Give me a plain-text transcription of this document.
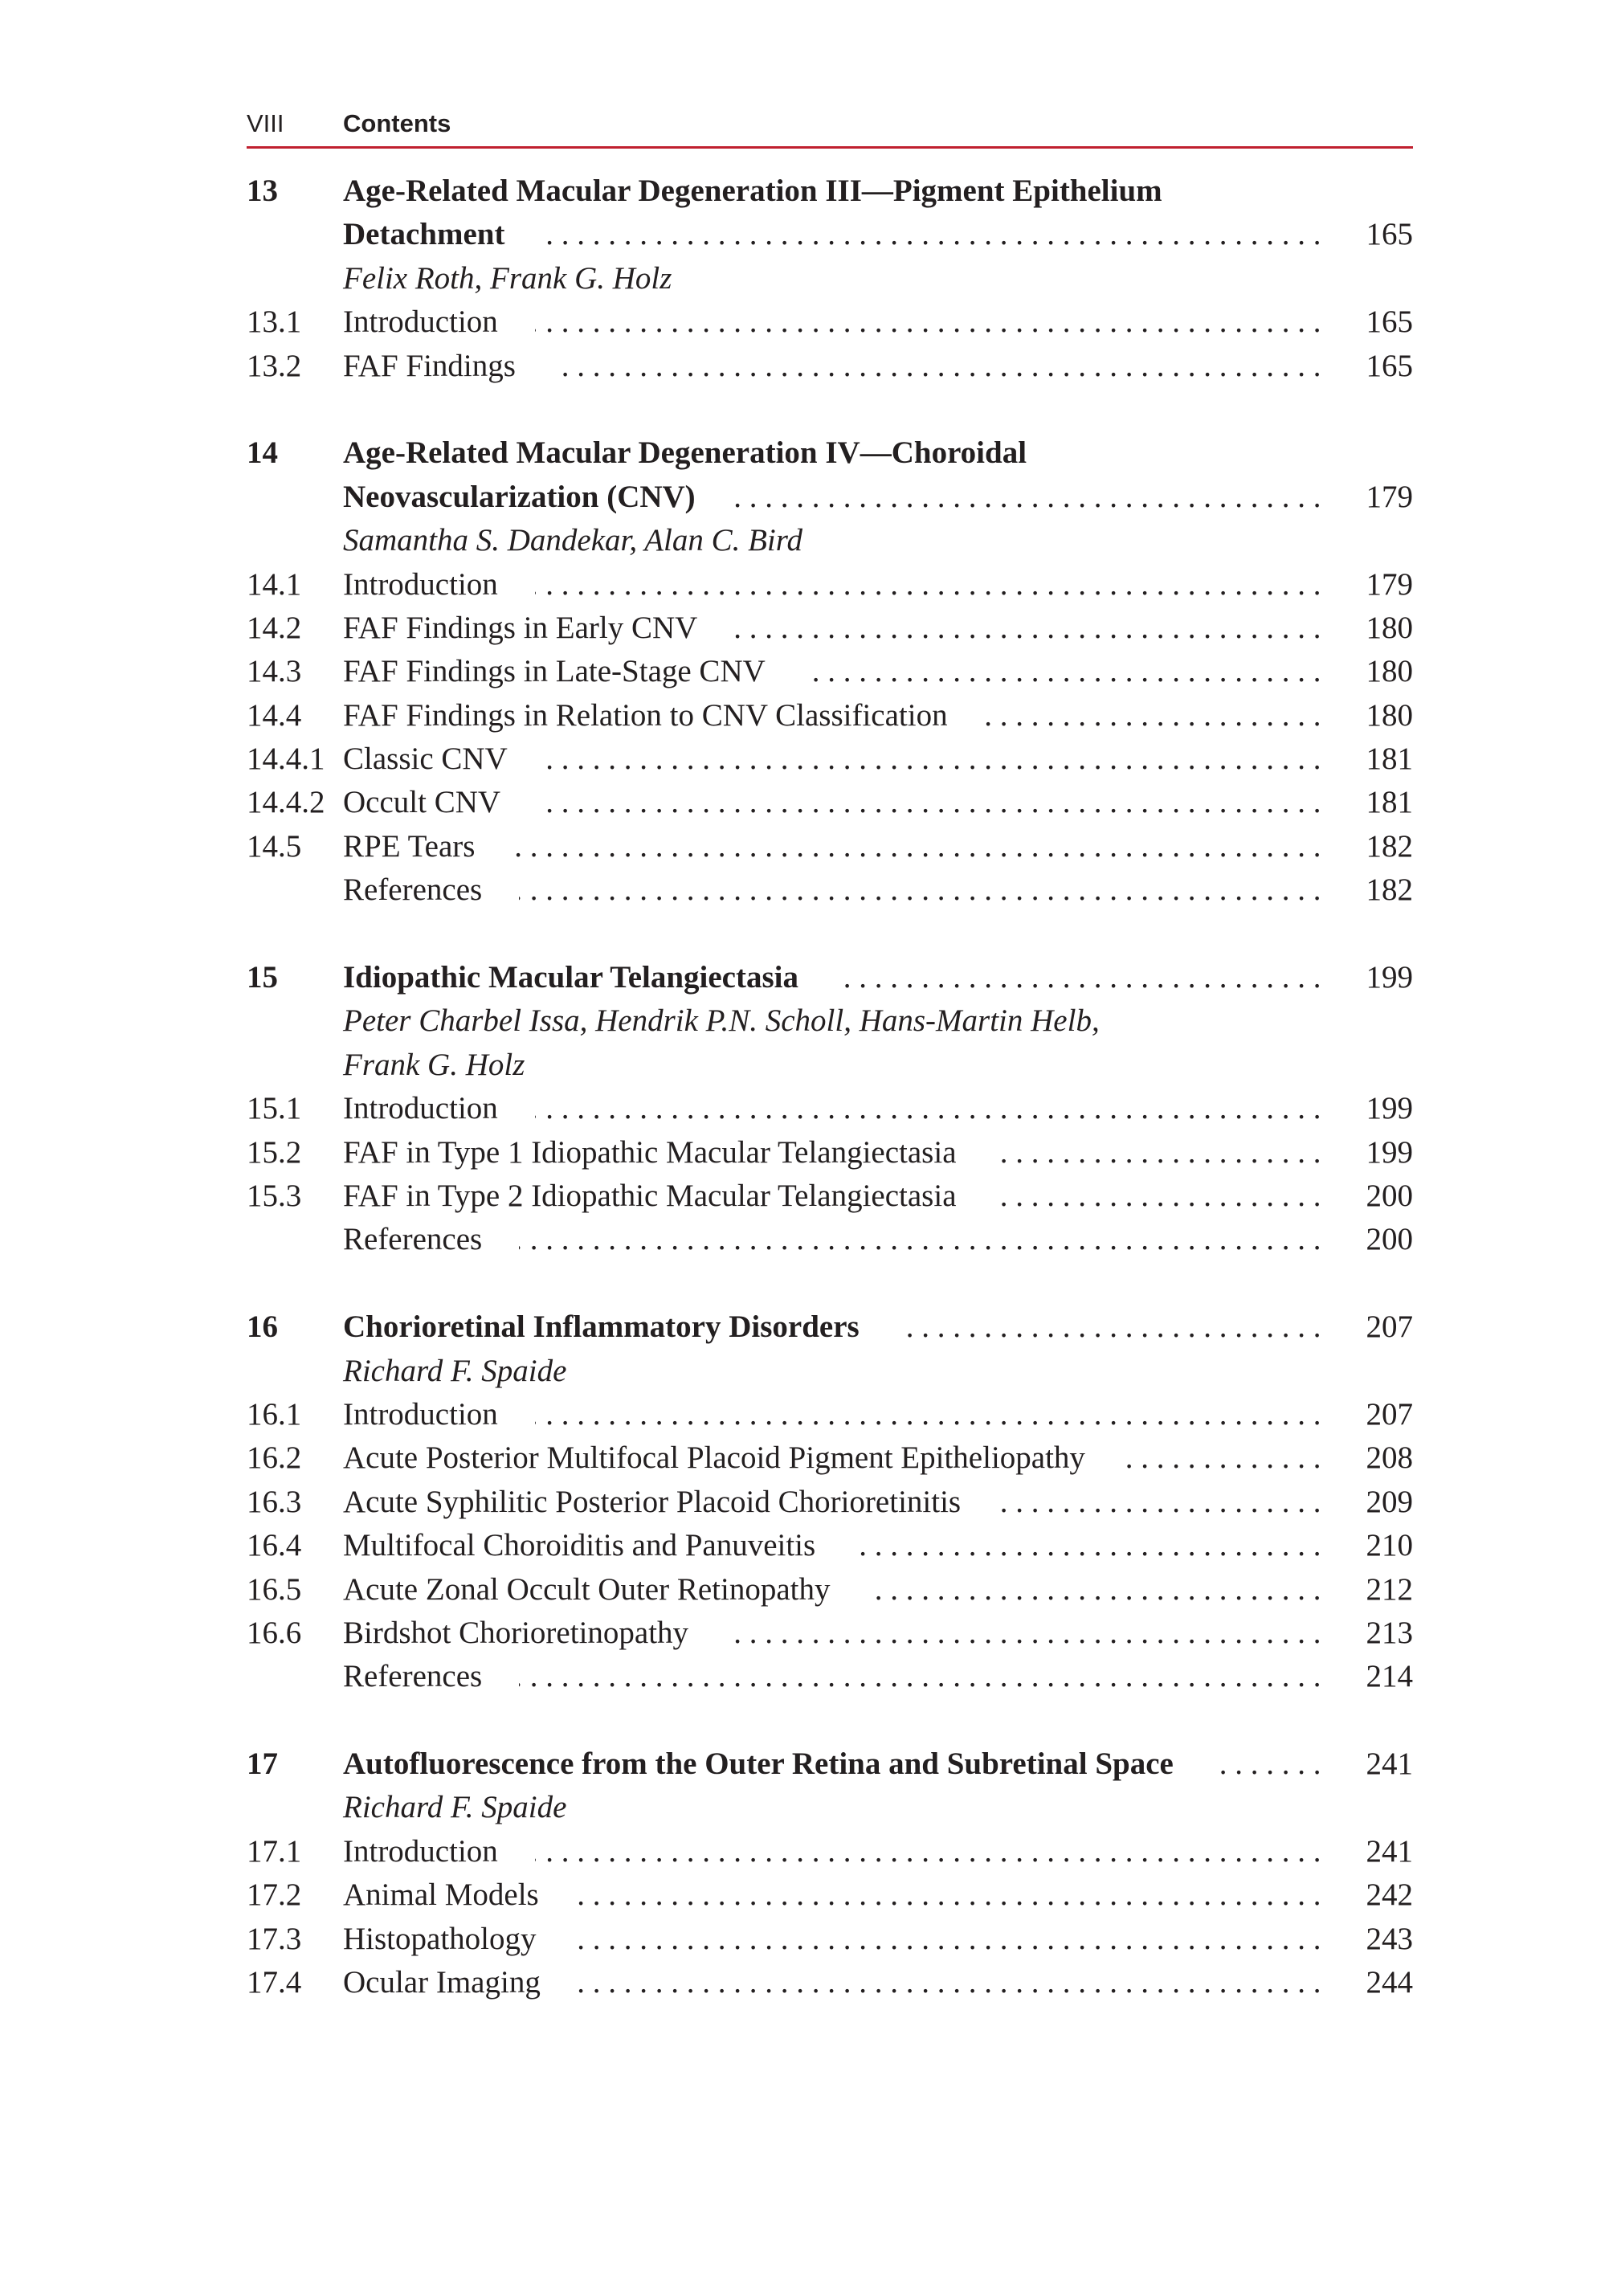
VIII Contents
13 Age-Related Macular Degeneration III—Pigment Epithelium
Detachment . . .	165
Felix Roth, Frank G. Holz
13.1 Introduction . . .	165
13.2 FAF Findings . . .	165
14 Age-Related Macular Degeneration IV—Choroidal
Neovascularization (CNV) . . .	179
Samantha S. Dandekar, Alan C. Bird
14.1 Introduction . . .	179
14.2 FAF Findings in Early CNV . . .	180
14.3 FAF Findings in Late-Stage CNV . . .	180
14.4 FAF Findings in Relation to CNV Classification . . .	180
14.4.1 Classic CNV . . .	181
14.4.2 Occult CNV . . .	181
14.5 RPE Tears . . .	182
References . . .	182
15 Idiopathic Macular Telangiectasia . . .	199
Peter Charbel Issa, Hendrik P.N. Scholl, Hans-Martin Helb,
Frank G. Holz
15.1 Introduction . . .	199
15.2 FAF in Type 1 Idiopathic Macular Telangiectasia . . .	199
15.3 FAF in Type 2 Idiopathic Macular Telangiectasia . . .	200
References . . .	200
16 Chorioretinal Inflammatory Disorders . . .	207
Richard F. Spaide
16.1 Introduction . . .	207
16.2 Acute Posterior Multifocal Placoid Pigment Epitheliopathy . . .	208
16.3 Acute Syphilitic Posterior Placoid Chorioretinitis . . .	209
16.4 Multifocal Choroiditis and Panuveitis . . .	210
16.5 Acute Zonal Occult Outer Retinopathy . . .	212
16.6 Birdshot Chorioretinopathy . . .	213
References . . .	214
17 Autofluorescence from the Outer Retina and Subretinal Space . . .	241
Richard F. Spaide
17.1 Introduction . . .	241
17.2 Animal Models . . .	242
17.3 Histopathology . . .	243
17.4 Ocular Imaging . . .	244
